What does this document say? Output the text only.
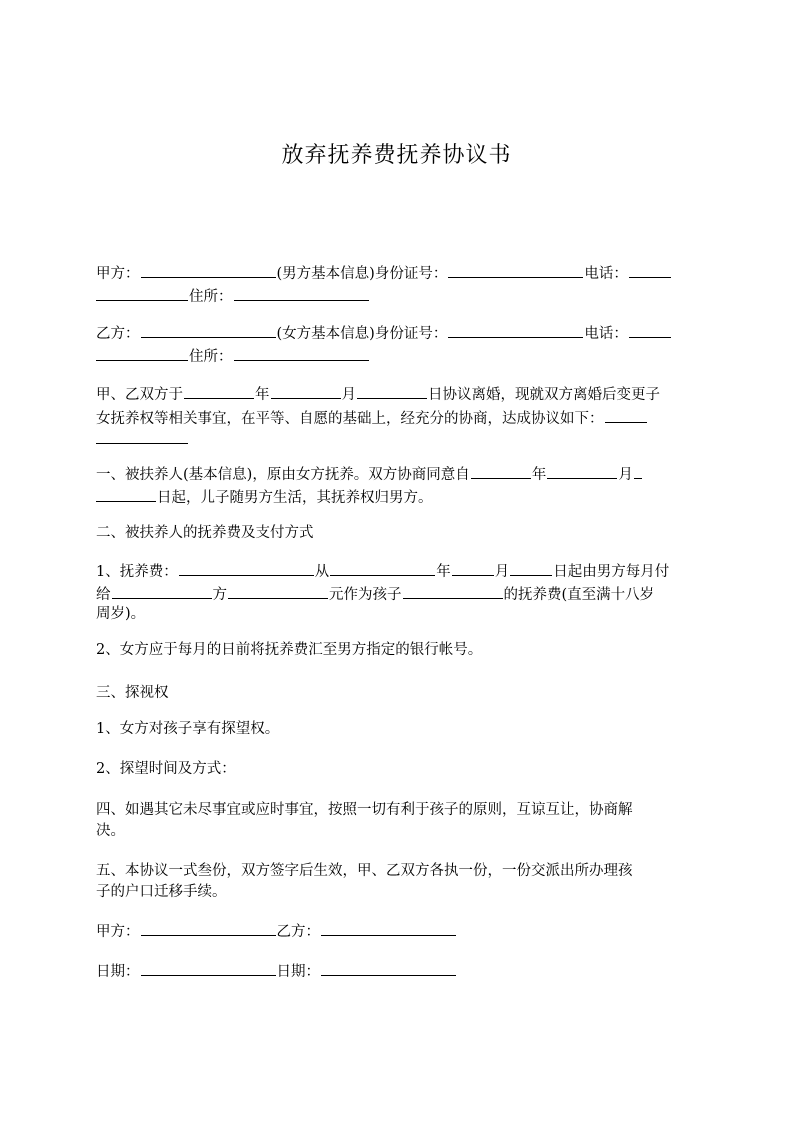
放弃抚养费抚养协议书
甲方：	(男方基本信息)身份证号：	电话：
住所：
乙方：	(女方基本信息)身份证号：	电话：
住所：
甲、乙双方于	年	月	日协议离婚，现就双方离婚后变更子
女抚养权等相关事宜，在平等、自愿的基础上，经充分的协商，达成协议如下：
一、被扶养人(基本信息)，原由女方抚养。双方协商同意自	年	月
日起，儿子随男方生活，其抚养权归男方。
二、被扶养人的抚养费及支付方式
1、抚养费：	从	年	月	日起由男方每月付
给	方	元作为孩子	的抚养费(直至满十八岁
周岁)。
2、女方应于每月的日前将抚养费汇至男方指定的银行帐号。
三、探视权
1、女方对孩子享有探望权。
2、探望时间及方式：
四、如遇其它未尽事宜或应时事宜，按照一切有利于孩子的原则，互谅互让，协商解
决。
五、本协议一式叁份，双方签字后生效，甲、乙双方各执一份，一份交派出所办理孩
子的户口迁移手续。
甲方：	乙方：
日期：	日期：
